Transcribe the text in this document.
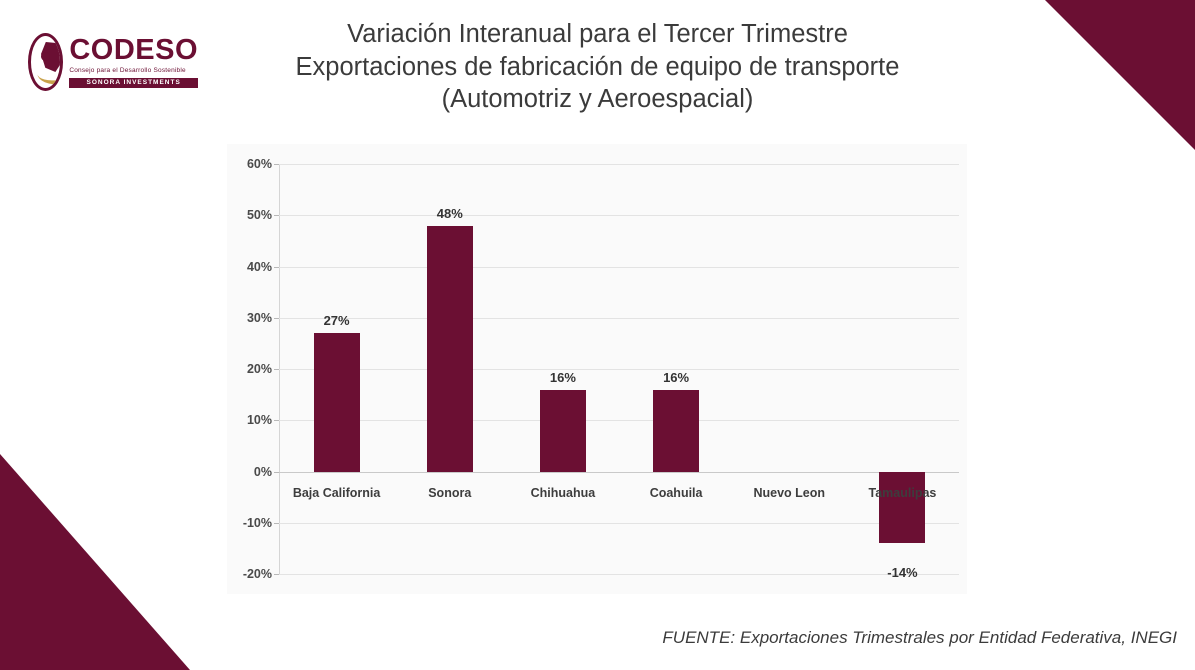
CODESO
Consejo para el Desarrollo Sostenible
SONORA INVESTMENTS
Variación Interanual para el Tercer Trimestre
Exportaciones de fabricación de equipo de transporte
(Automotriz y Aeroespacial)
60%
50%
40%
30%
20%
10%
0%
-10%
-20%
27%
Baja California
48%
Sonora
16%
Chihuahua
16%
Coahuila	Nuevo Leon
-14%
Tamaulipas
FUENTE: Exportaciones Trimestrales por Entidad Federativa, INEGI
